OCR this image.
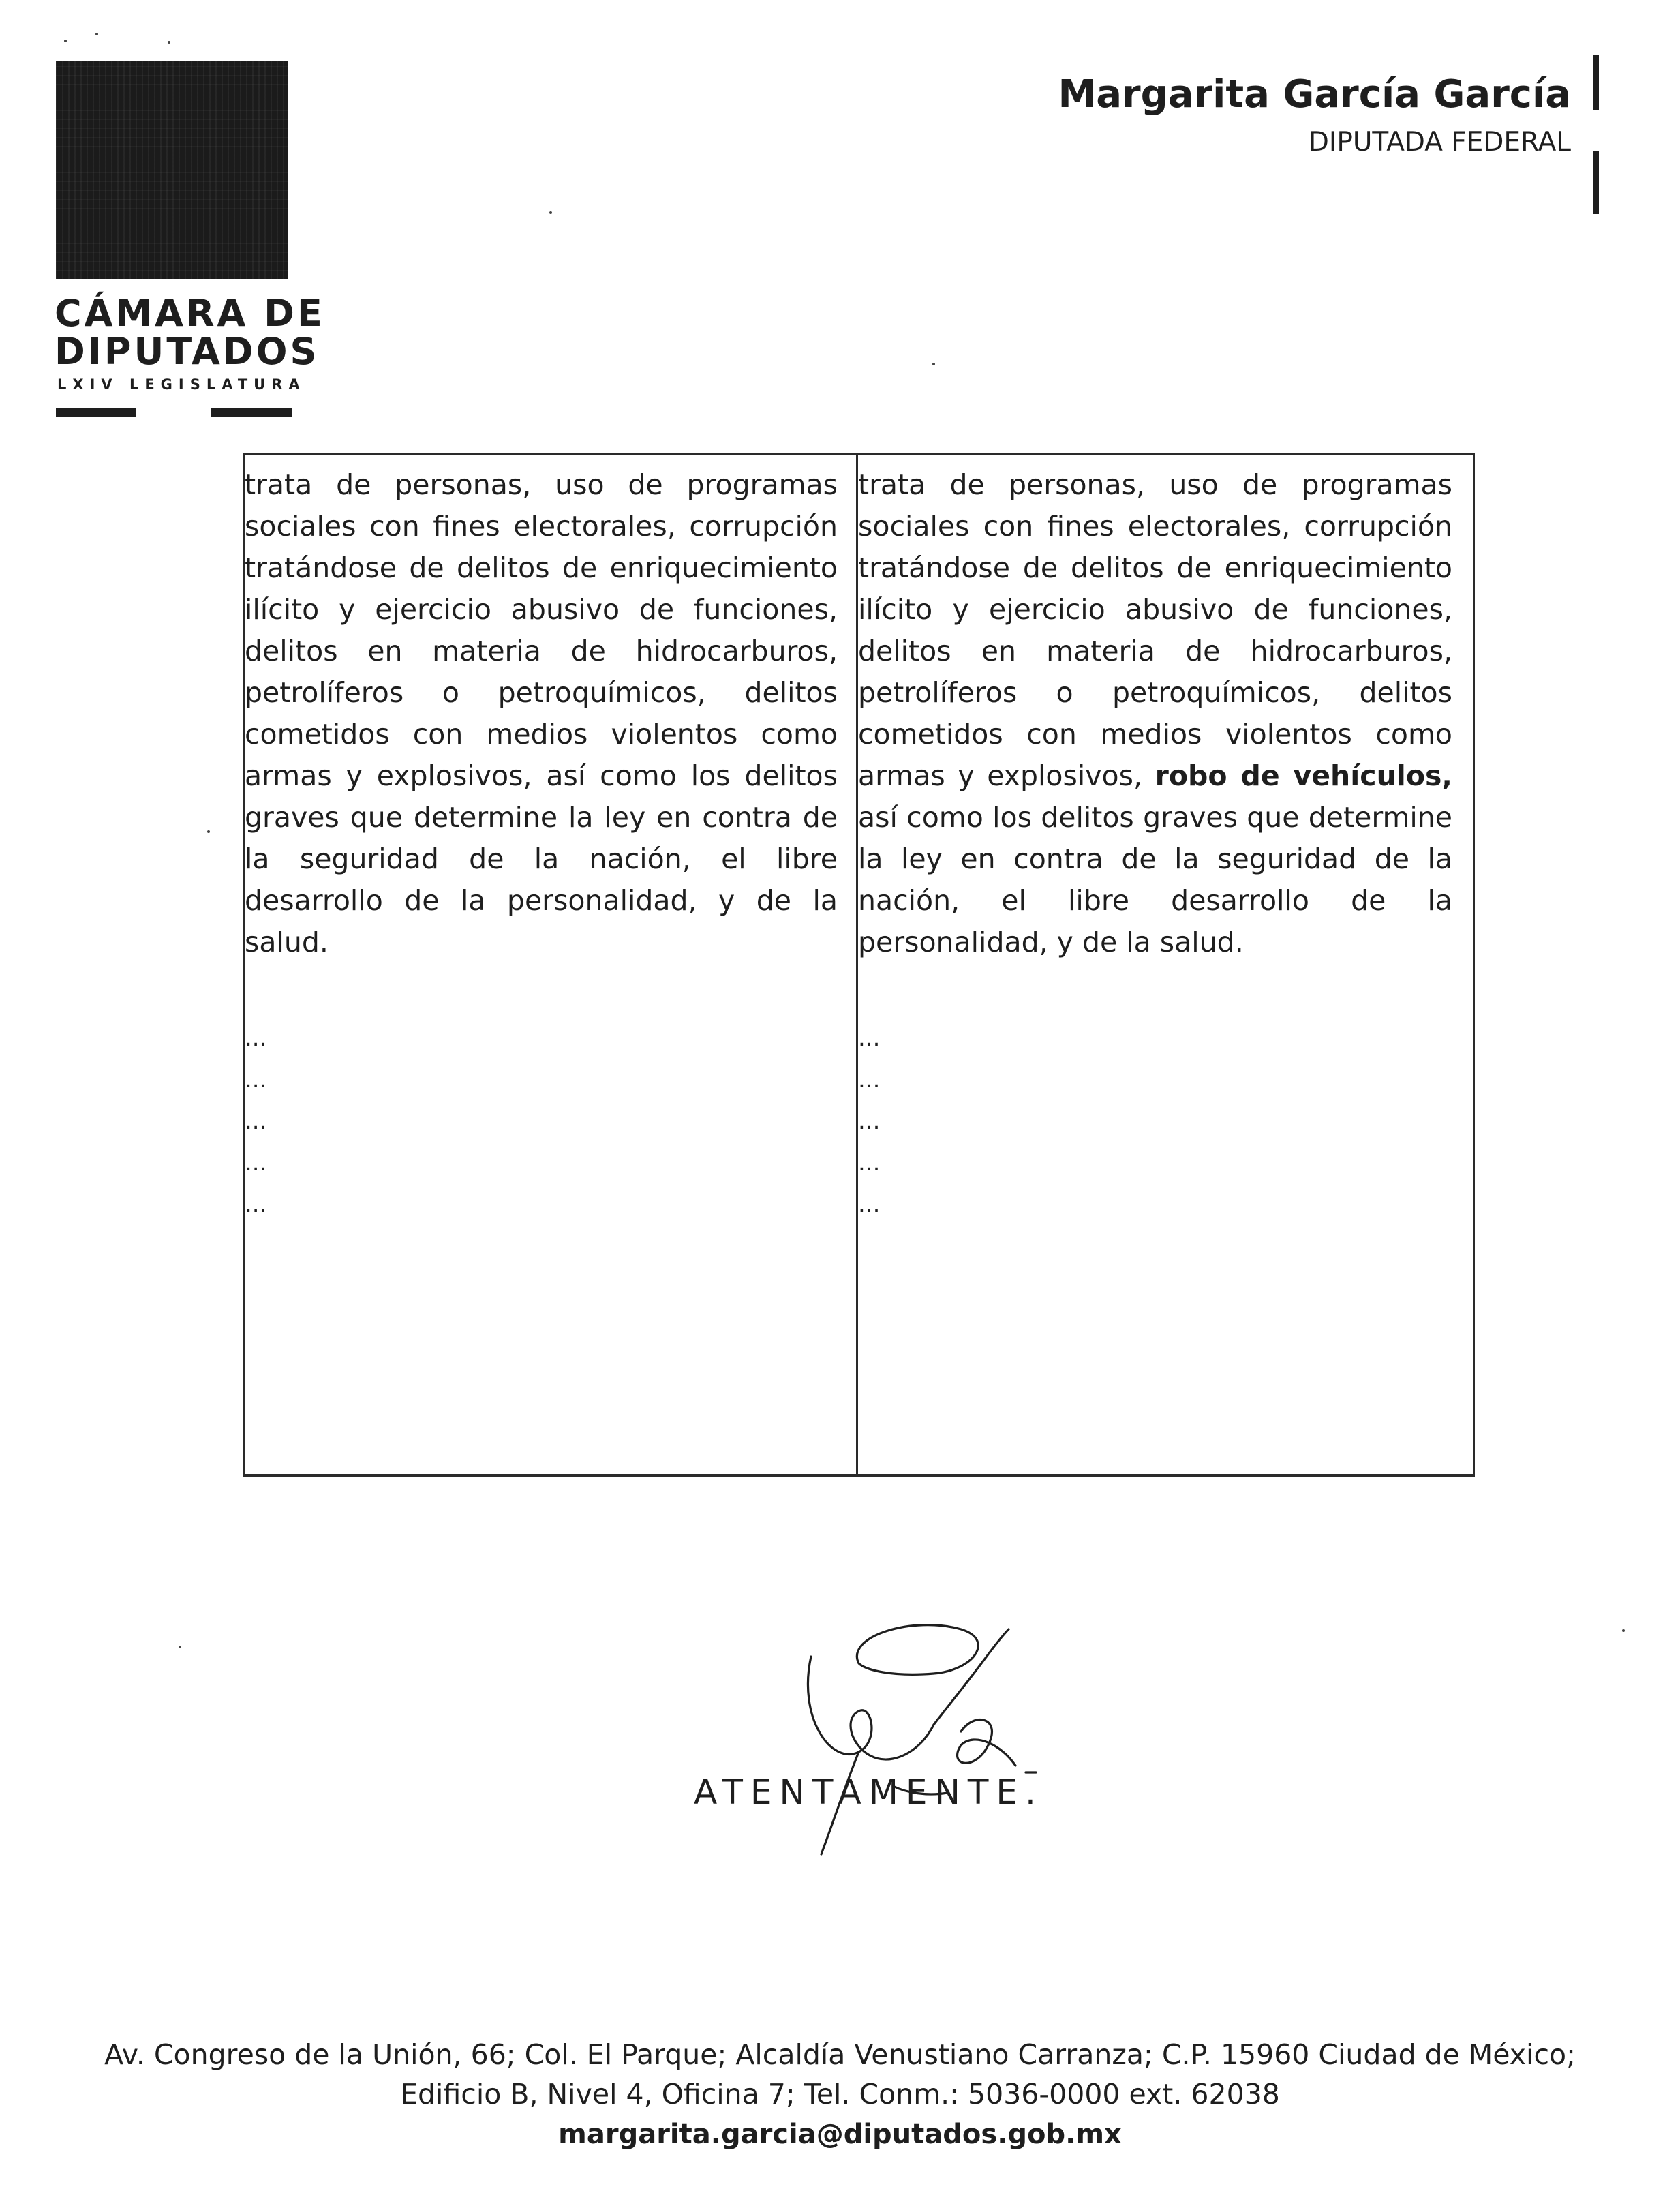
CÁMARA DE
DIPUTADOS
LXIV LEGISLATURA
Margarita García García
DIPUTADA FEDERAL

trata de personas, uso de programas sociales con fines electorales, corrupción tratándose de delitos de enriquecimiento ilícito y ejercicio abusivo de funciones, delitos en materia de hidrocarburos, petrolíferos o petroquímicos, delitos cometidos con medios violentos como armas y explosivos, así como los delitos graves que determine la ley en contra de la seguridad de la nación, el libre desarrollo de la personalidad, y de la salud.

...
...
...
...
...

trata de personas, uso de programas sociales con fines electorales, corrupción tratándose de delitos de enriquecimiento ilícito y ejercicio abusivo de funciones, delitos en materia de hidrocarburos, petrolíferos o petroquímicos, delitos cometidos con medios violentos como armas y explosivos, robo de vehículos, así como los delitos graves que determine la ley en contra de la seguridad de la nación, el libre desarrollo de la personalidad, y de la salud.

...
...
...
...
...
ATENTAMENTE.
Av. Congreso de la Unión, 66; Col. El Parque; Alcaldía Venustiano Carranza; C.P. 15960 Ciudad de México;
Edificio B, Nivel 4, Oficina 7; Tel. Conm.: 5036-0000 ext. 62038
margarita.garcia@diputados.gob.mx
